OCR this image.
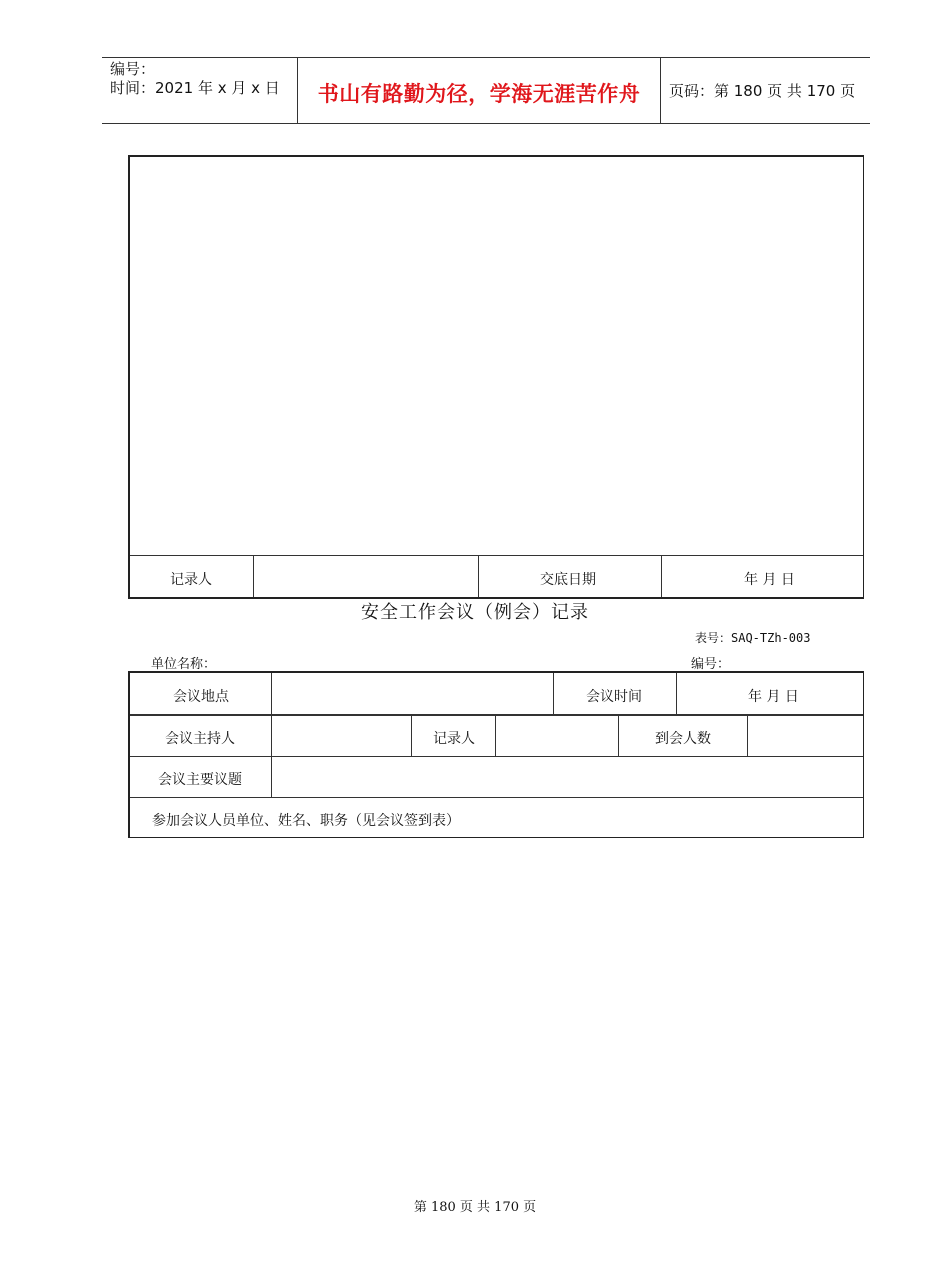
编号：
时间：2021 年 x 月 x 日	书山有路勤为径，学海无涯苦作舟	页码：第 180 页 共 170 页
记录人	交底日期	年 月 日
安全工作会议（例会）记录
表号：SAQ-TZh-003
单位名称：	编号：
会议地点	会议时间	年 月 日
会议主持人	记录人	到会人数
会议主要议题
参加会议人员单位、姓名、职务（见会议签到表）
第 180 页 共 170 页
